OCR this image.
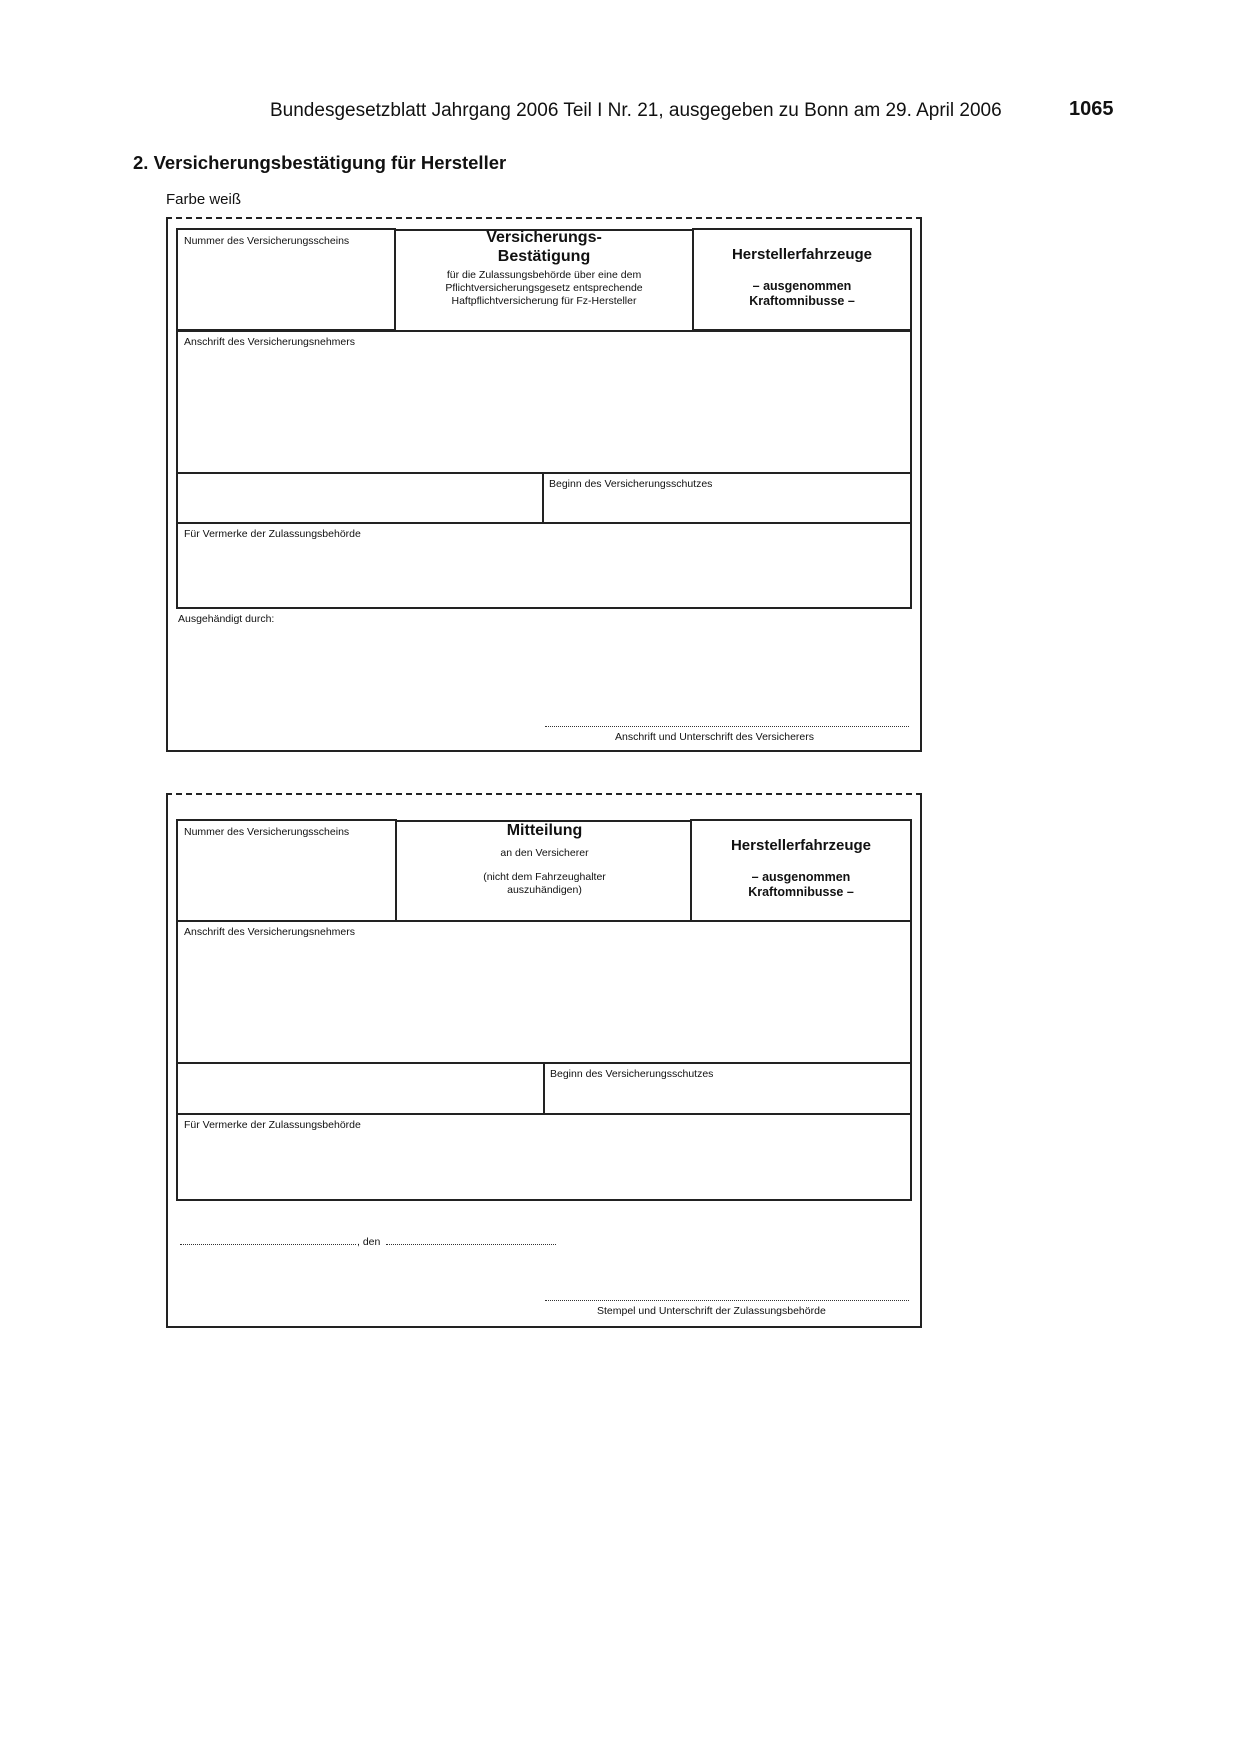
Bundesgesetzblatt Jahrgang 2006 Teil I Nr. 21, ausgegeben zu Bonn am 29. April 2006	1065
2. Versicherungsbestätigung für Hersteller
Farbe weiß
Nummer des Versicherungsscheins	Versicherungs-
Bestätigung
für die Zulassungsbehörde über eine dem
Pflichtversicherungsgesetz entsprechende
Haftpflichtversicherung für Fz-Hersteller
Herstellerfahrzeuge
– ausgenommen
Kraftomnibusse –
Anschrift des Versicherungsnehmers
Beginn des Versicherungsschutzes
Für Vermerke der Zulassungsbehörde
Ausgehändigt durch:
Anschrift und Unterschrift des Versicherers
Nummer des Versicherungsscheins	Mitteilung
an den Versicherer
(nicht dem Fahrzeughalter
auszuhändigen)
Herstellerfahrzeuge
– ausgenommen
Kraftomnibusse –
Anschrift des Versicherungsnehmers
Beginn des Versicherungsschutzes
Für Vermerke der Zulassungsbehörde
, den
Stempel und Unterschrift der Zulassungsbehörde
